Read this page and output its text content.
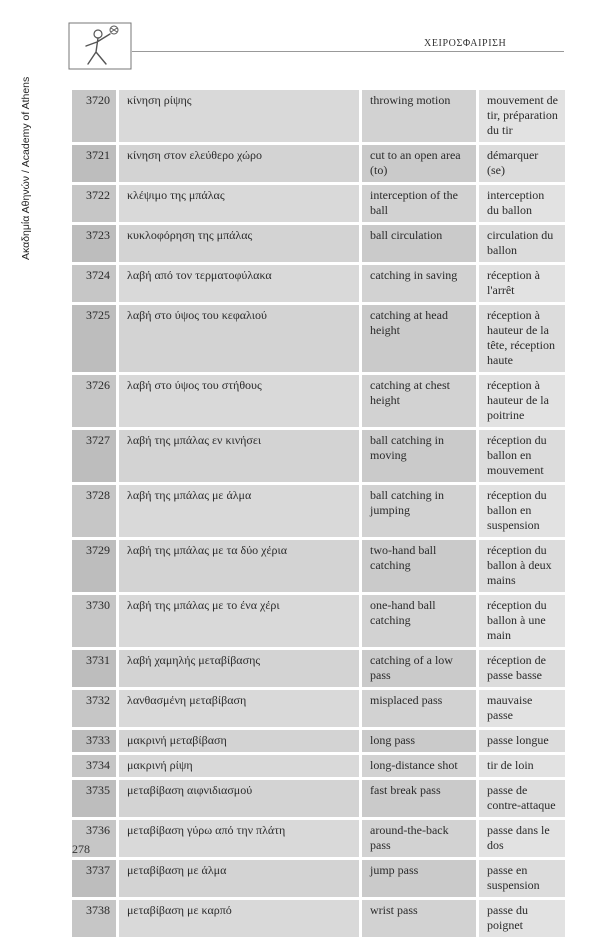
Ακαδημία Αθηνών / Academy of Athens
ΧΕΙΡΟΣΦΑΙΡΙΣΗ
3720	κίνηση ρίψης	throwing motion	mouvement de tir, préparation du tir
3721	κίνηση στον ελεύθερο χώρο	cut to an open area (to)	démarquer (se)
3722	κλέψιμο της μπάλας	interception of the ball	interception du ballon
3723	κυκλοφόρηση της μπάλας	ball circulation	circulation du ballon
3724	λαβή από τον τερματοφύλακα	catching in saving	réception à l'arrêt
3725	λαβή στο ύψος του κεφαλιού	catching at head height	réception à hauteur de la tête, réception haute
3726	λαβή στο ύψος του στήθους	catching at chest height	réception à hauteur de la poitrine
3727	λαβή της μπάλας εν κινήσει	ball catching in moving	réception du ballon en mouvement
3728	λαβή της μπάλας με άλμα	ball catching in jumping	réception du ballon en suspension
3729	λαβή της μπάλας με τα δύο χέρια	two-hand ball catching	réception du ballon à deux mains
3730	λαβή της μπάλας με το ένα χέρι	one-hand ball catching	réception du ballon à une main
3731	λαβή χαμηλής μεταβίβασης	catching of a low pass	réception de passe basse
3732	λανθασμένη μεταβίβαση	misplaced pass	mauvaise passe
3733	μακρινή μεταβίβαση	long pass	passe longue
3734	μακρινή ρίψη	long-distance shot	tir de loin
3735	μεταβίβαση αιφνιδιασμού	fast break pass	passe de contre-attaque
3736	μεταβίβαση γύρω από την πλάτη	around-the-back pass	passe dans le dos
3737	μεταβίβαση με άλμα	jump pass	passe en suspension
3738	μεταβίβαση με καρπό	wrist pass	passe du poignet
278
